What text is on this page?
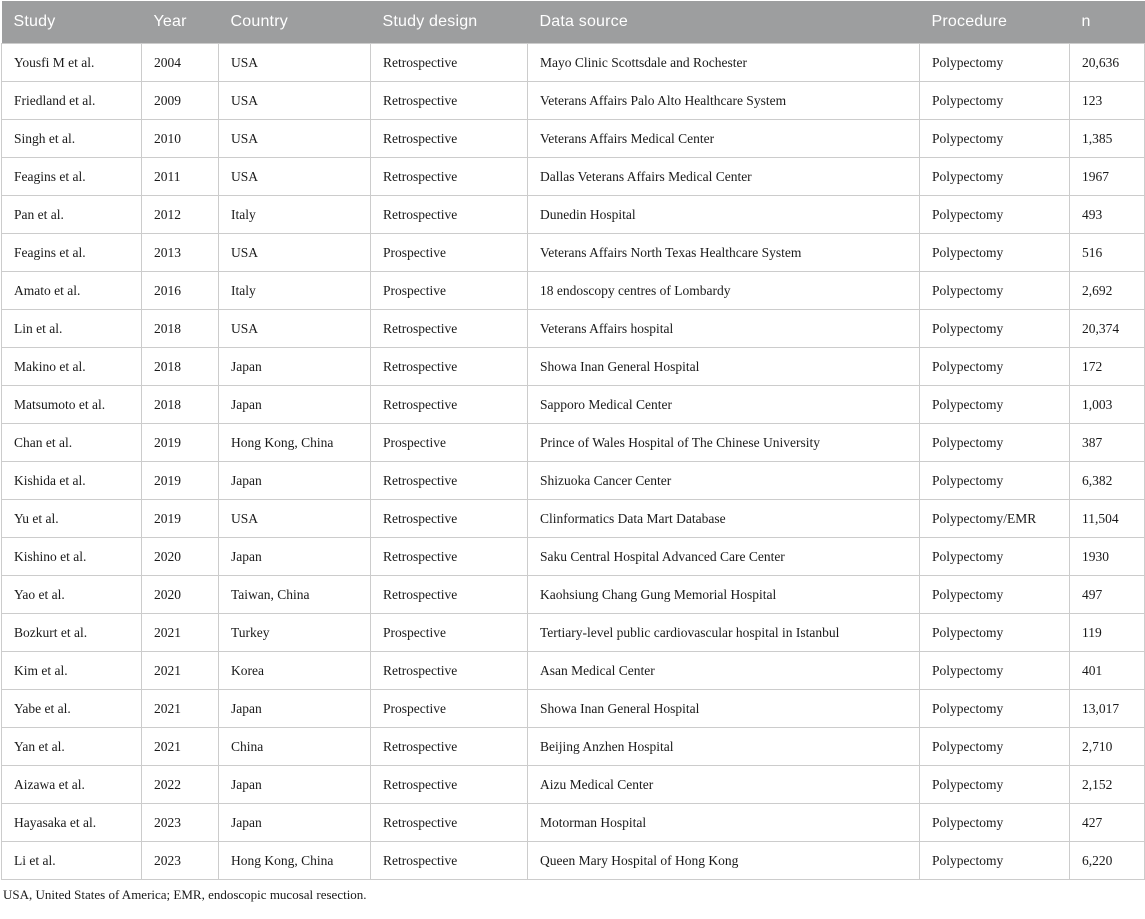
Study	Year	Country	Study design	Data source	Procedure	n
Yousfi M et al.	2004	USA	Retrospective	Mayo Clinic Scottsdale and Rochester	Polypectomy	20,636
Friedland et al.	2009	USA	Retrospective	Veterans Affairs Palo Alto Healthcare System	Polypectomy	123
Singh et al.	2010	USA	Retrospective	Veterans Affairs Medical Center	Polypectomy	1,385
Feagins et al.	2011	USA	Retrospective	Dallas Veterans Affairs Medical Center	Polypectomy	1967
Pan et al.	2012	Italy	Retrospective	Dunedin Hospital	Polypectomy	493
Feagins et al.	2013	USA	Prospective	Veterans Affairs North Texas Healthcare System	Polypectomy	516
Amato et al.	2016	Italy	Prospective	18 endoscopy centres of Lombardy	Polypectomy	2,692
Lin et al.	2018	USA	Retrospective	Veterans Affairs hospital	Polypectomy	20,374
Makino et al.	2018	Japan	Retrospective	Showa Inan General Hospital	Polypectomy	172
Matsumoto et al.	2018	Japan	Retrospective	Sapporo Medical Center	Polypectomy	1,003
Chan et al.	2019	Hong Kong, China	Prospective	Prince of Wales Hospital of The Chinese University	Polypectomy	387
Kishida et al.	2019	Japan	Retrospective	Shizuoka Cancer Center	Polypectomy	6,382
Yu et al.	2019	USA	Retrospective	Clinformatics Data Mart Database	Polypectomy/EMR	11,504
Kishino et al.	2020	Japan	Retrospective	Saku Central Hospital Advanced Care Center	Polypectomy	1930
Yao et al.	2020	Taiwan, China	Retrospective	Kaohsiung Chang Gung Memorial Hospital	Polypectomy	497
Bozkurt et al.	2021	Turkey	Prospective	Tertiary-level public cardiovascular hospital in Istanbul	Polypectomy	119
Kim et al.	2021	Korea	Retrospective	Asan Medical Center	Polypectomy	401
Yabe et al.	2021	Japan	Prospective	Showa Inan General Hospital	Polypectomy	13,017
Yan et al.	2021	China	Retrospective	Beijing Anzhen Hospital	Polypectomy	2,710
Aizawa et al.	2022	Japan	Retrospective	Aizu Medical Center	Polypectomy	2,152
Hayasaka et al.	2023	Japan	Retrospective	Motorman Hospital	Polypectomy	427
Li et al.	2023	Hong Kong, China	Retrospective	Queen Mary Hospital of Hong Kong	Polypectomy	6,220
USA, United States of America; EMR, endoscopic mucosal resection.
